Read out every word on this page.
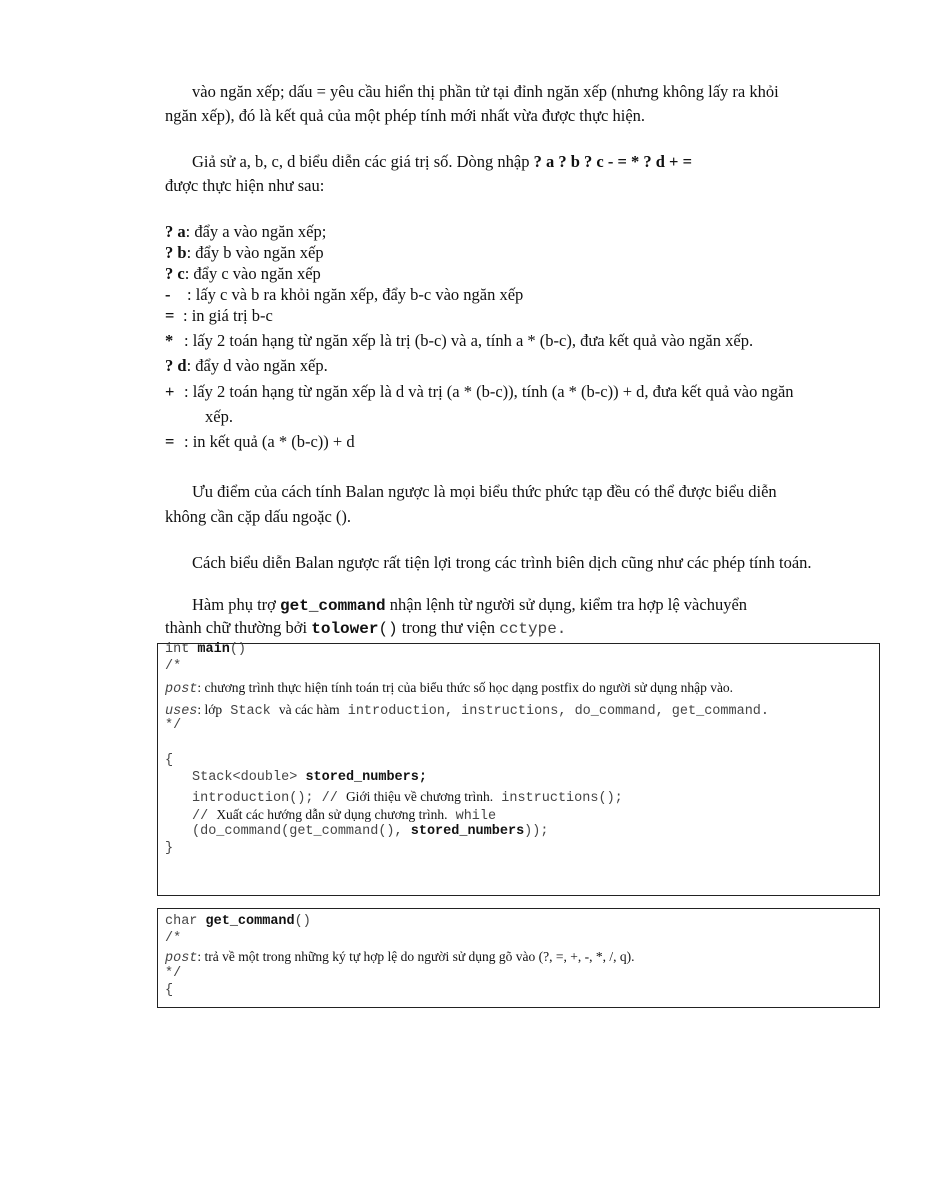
vào ngăn xếp; dấu = yêu cầu hiển thị phần tử tại đỉnh ngăn xếp (nhưng không lấy ra khỏi
ngăn xếp), đó là kết quả của một phép tính mới nhất vừa được thực hiện.
Giả sử a, b, c, d biểu diễn các giá trị số. Dòng nhập ? a ? b ? c - = * ? d + =
được thực hiện như sau:
? a: đẩy a vào ngăn xếp;
? b: đẩy b vào ngăn xếp
? c: đẩy c vào ngăn xếp
- : lấy c và b ra khỏi ngăn xếp, đẩy b-c vào ngăn xếp
= : in giá trị b-c
* : lấy 2 toán hạng từ ngăn xếp là trị (b-c) và a, tính a * (b-c), đưa kết quả vào ngăn xếp.
? d: đẩy d vào ngăn xếp.
+ : lấy 2 toán hạng từ ngăn xếp là d và trị (a * (b-c)), tính (a * (b-c)) + d, đưa kết quả vào ngăn
xếp.
= : in kết quả (a * (b-c)) + d
Ưu điểm của cách tính Balan ngược là mọi biểu thức phức tạp đều có thể được biểu diễn
không cần cặp dấu ngoặc ().
Cách biểu diễn Balan ngược rất tiện lợi trong các trình biên dịch cũng như các phép tính toán.
Hàm phụ trợ get_command nhận lệnh từ người sử dụng, kiểm tra hợp lệ vàchuyển
thành chữ thường bởi tolower() trong thư viện cctype.
int main()
/*
post: chương trình thực hiện tính toán trị của biểu thức số học dạng postfix do người sử dụng nhập vào.
uses: lớp Stack và các hàm introduction, instructions, do_command, get_command.
*/
{
Stack<double> stored_numbers;
introduction(); // Giới thiệu về chương trình. instructions();
// Xuất các hướng dẫn sử dụng chương trình. while
(do_command(get_command(), stored_numbers));
}
char get_command()
/*
post: trả về một trong những ký tự hợp lệ do người sử dụng gõ vào (?, =, +, -, *, /, q).
*/
{
